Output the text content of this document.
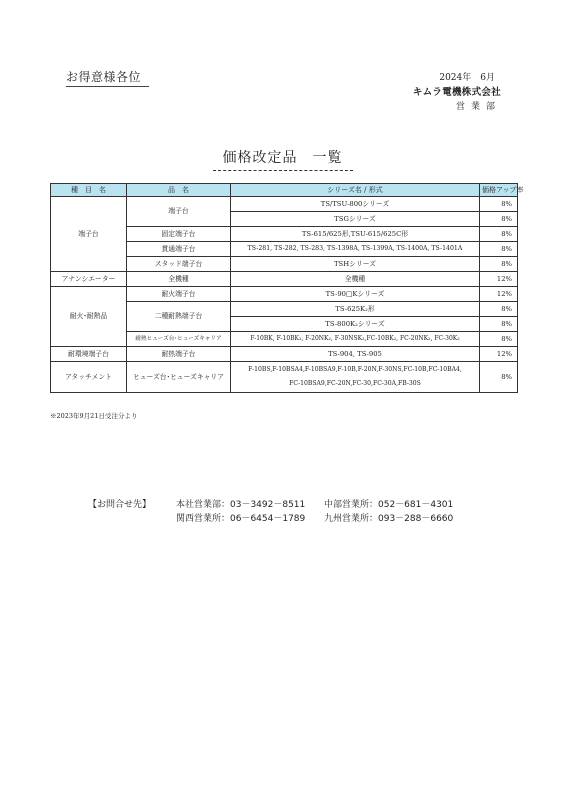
お得意様各位	2024年　6月
キムラ電機株式会社
営業部
価格改定品　一覧
種　目　名	品　名	シリーズ名 / 形式	価格アップ率
端子台	端子台	TS/TSU-800シリーズ	8%
		TSGシリーズ	8%
	固定端子台	TS-615/625形,TSU-615/625C形	8%
	貫通端子台	TS-281, TS-282, TS-283, TS-1398A, TS-1399A, TS-1400A, TS-1401A	8%
	スタッド端子台	TSHシリーズ	8%
アナンシエーター	全機種	全機種	12%
耐火･耐熱品	耐火端子台	TS-90□Kシリーズ	12%
	二種耐熱端子台	TS-625K₂形	8%
		TS-800K₂シリーズ	8%
	耐熱ヒューズ台･ヒューズキャリア	F-10BK, F-10BK₂, F-20NK₂, F-30NSK₂,FC-10BK₂, FC-20NK₂, FC-30K₂	8%
耐環境端子台	耐热端子台	TS-904, TS-905	12%
アタッチメント	ヒューズ台･ヒューズキャリア	F-10BS,F-10BSA4,F-10BSA9,F-10B,F-20N,F-30NS,FC-10B,FC-10BA4,
FC-10BSA9,FC-20N,FC-30,FC-30A,FB-30S	8%
※2023年9月21日受注分より
【お問合せ先】	本社営業部：03－3492－8511 中部営業所：052－681－4301
関西営業所：06－6454－1789 九州営業所：093－288－6660
